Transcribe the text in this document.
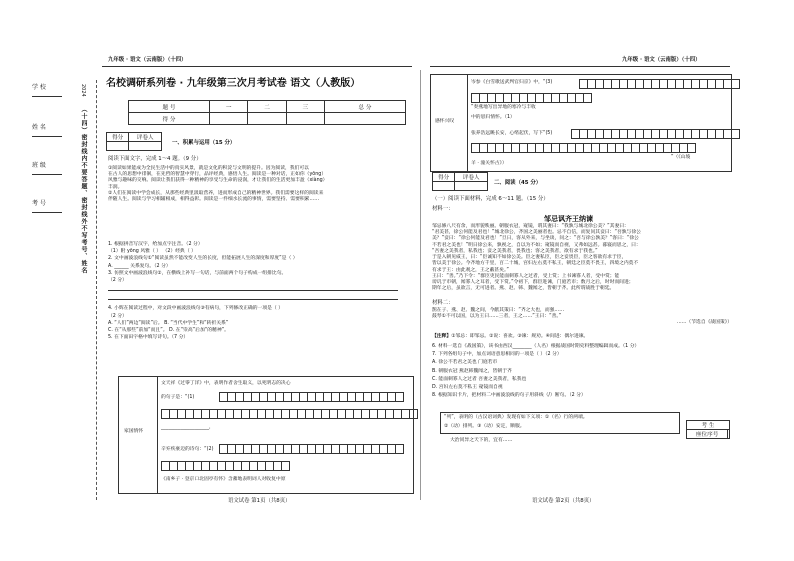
九年级 · 语文（云南版）（十四）	九年级 · 语文（云南版）（十四）
学 校
姓 名
班 级
考 号
2024
（十四）密封线内不要答题、密封线外不写考号、姓名
名校调研系列卷 · 九年级第三次月考试卷 语文（人教版）
题 号	一	二	三	总 分
得 分				
得分	评卷人

一、积累与运用（15 分）
阅读下面文字，完成 1～4 题。（9 分）
①阅读如果能成为全民生活中的真实风景，就是文化的积淀与文明的提升。因为阅读，我们可以
在古人的思想中徘徊，在先哲的智慧中穿行，品评经典，感悟人生。阅读是一种对话，正如你（yōng）
风雅与趣味的交响。阅读让我们获得一种精神的享受与生命的浸润，才让我们的生活更加丰盈（xiàng）
丰润。
②人们在阅读中学会成长，从那些经典里汲取营养，进而形成自己的精神世界。我们需要这样的阅读来
伴随人生。阅读与学习相辅相成，相得益彰。阅读是一件细水长流的事情，需要坚持、需要积累……
1. 根据拼音写汉字，给加点字注音。（2 分）
（1）附 yōng 风雅（ ） （2）经典（ ）
2. 文中画波浪线句①“阅读虽然不能改变人生的长度，但能拓展人生的深度和厚度”是（ ）
A. ______ 关系复句。（2 分）
3. 仿照文中画波浪线句②，在横线上补写一句话，与前面两个句子构成一组排比句。
（2 分）
4. 小辉在阅读过程中，对文段中画波浪线句③有病句，下列修改正确的一项是（ ）
（2 分）
A. “人们”两边“阅读”后。 B. “当代中学生”和“转折关系”
C. 在“从那些”前加“而且”。 D. 在“崇高”后加“的精神”。
5. 在下面田字格中填写诗句。（7 分）
家国情怀
文天祥《过零丁洋》中，表明作者舍生取义，以死明志的决心
的句子是：“(1)
____________________，
辛弃疾豪迈的诗句：“(2)
《南乡子 · 登京口北固亭有怀》含蓄地表明词人对收复中原
语文试卷 第1页（共8页）
感怀兴叹
岑参《白雪歌送武判官归京》中，“(3)
”奏燕地写出异地的寒冷与丰收
中的思归情怀。（1）
张养浩远眺长安，心绪起伏，写下“(5)
”（《山坡
羊 · 潼关怀古》）
得分	评卷人

二、阅读（45 分）
（一）阅读下面材料，完成 6～11 题。（15 分）
材料一：
邹忌讽齐王纳谏
邹忌修八尺有余，而形貌昳丽。朝服衣冠，窥镜，谓其妻曰：“我孰与城北徐公美？”其妻曰：
“君美甚，徐公何能及君也！”城北徐公，齐国之美丽者也。忌不自信，而复问其妾曰：“吾孰与徐公
美？”妾曰：“徐公何能及君也！”旦日，客从外来，与坐谈，问之：“吾与徐公孰美？”客曰：“徐公
不若君之美也！”明日徐公来，孰视之，自以为不如；窥镜而自视，又弗如远甚。暮寝而思之，曰：
“吾妻之美我者，私我也；妾之美我者，畏我也；客之美我者，欲有求于我也。”
于是入朝见威王，曰：“臣诚知不如徐公美。臣之妻私臣，臣之妾畏臣，臣之客欲有求于臣，
皆以美于徐公。今齐地方千里，百二十城，宫妇左右莫不私王，朝廷之臣莫不畏王，四境之内莫不
有求于王：由此观之，王之蔽甚矣。”
王曰：“善。”乃下令：“群臣吏民能面刺寡人之过者，受上赏；上书谏寡人者，受中赏；能
谤讥于市朝，闻寡人之耳者，受下赏。”令初下，群臣进谏，门庭若市；数月之后，时时而间进；
期年之后，虽欲言，无可进者。燕、赵、韩、魏闻之，皆朝于齐。此所谓战胜于朝廷。
材料二：
鹊在子、燕、赵、魏之间，今献其策曰：“齐之大也，而强……
鼓琴①不可以国，以为王曰……三者，王之……”王曰：“善。”
……（节选自《战国策》）
【注释】①邹忌：即邹忌。②说：喜欢。③谏：规劝。④间进：偶尔进谏。
6. 材料一选自《战国策》，该书由西汉________（人名）根据战国时期史料整理编辑而成。（1 分）
7. 下列各组句子中，加点词语意思相同的一项是（ ）（2 分）
A. 徐公不若君之美也 门庭若市
B. 朝服衣冠 燕赵韩魏闻之，皆朝于齐
C. 能面刺寡人之过者 吾妻之美我者，私我也
D. 宫妇左右莫不私王 窥镜而自视
8. 根据知识卡片，把材料二中画波浪线的句子用斜线（/）断句。（2 分）
“列”，表明的（古汉语词典）发现有如下义项：①（名）行的两端。
②（动）排列。③（动）安定，顺服。
大治同异之天下的，宜有……
考 生
座位序号	
语文试卷 第2页（共8页）
